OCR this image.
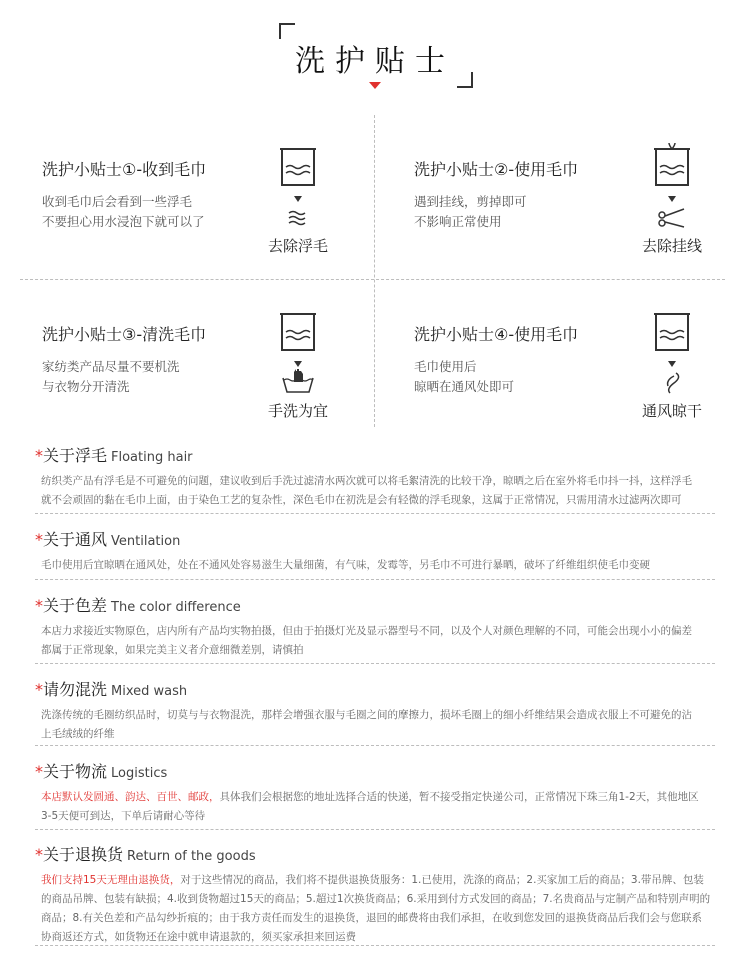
洗护贴士
洗护小贴士①-收到毛巾
收到毛巾后会看到一些浮毛
不要担心用水浸泡下就可以了
去除浮毛
洗护小贴士②-使用毛巾
遇到挂线，剪掉即可
不影响正常使用
去除挂线
洗护小贴士③-清洗毛巾
家纺类产品尽量不要机洗
与衣物分开清洗
手洗为宜
洗护小贴士④-使用毛巾
毛巾使用后
晾晒在通风处即可
通风晾干
*关于浮毛 Floating hair
纺织类产品有浮毛是不可避免的问题，建议收到后手洗过滤清水两次就可以将毛絮清洗的比较干净，晾晒之后在室外将毛巾抖一抖，这样浮毛
就不会顽固的黏在毛巾上面，由于染色工艺的复杂性，深色毛巾在初洗是会有轻微的浮毛现象，这属于正常情况，只需用清水过滤两次即可
*关于通风 Ventilation
毛巾使用后宜晾晒在通风处，处在不通风处容易滋生大量细菌，有气味，发霉等，另毛巾不可进行暴晒，破坏了纤维组织使毛巾变硬
*关于色差 The color difference
本店力求接近实物原色，店内所有产品均实物拍摄，但由于拍摄灯光及显示器型号不同，以及个人对颜色理解的不同，可能会出现小小的偏差
都属于正常现象，如果完美主义者介意细微差别，请慎拍
*请勿混洗 Mixed wash
洗涤传统的毛圈纺织品时，切莫与与衣物混洗，那样会增强衣服与毛圈之间的摩擦力，损坏毛圈上的细小纤维结果会造成衣服上不可避免的沾
上毛绒绒的纤维
*关于物流 Logistics
本店默认发圆通、韵达、百世、邮政，具体我们会根据您的地址选择合适的快递，暂不接受指定快递公司，正常情况下珠三角1-2天，其他地区
3-5天便可到达，下单后请耐心等待
*关于退换货 Return of the goods
我们支持15天无理由退换货，对于这些情况的商品，我们将不提供退换货服务：1.已使用，洗涤的商品；2.买家加工后的商品；3.带吊牌、包装
的商品吊牌、包装有缺损；4.收到货物超过15天的商品；5.超过1次换货商品；6.采用到付方式发回的商品；7.名贵商品与定制产品和特别声明的
商品；8.有关色差和产品勾纱折痕的；由于我方责任而发生的退换货，退回的邮费将由我们承担，在收到您发回的退换货商品后我们会与您联系
协商返还方式，如货物还在途中就申请退款的，须买家承担来回运费
